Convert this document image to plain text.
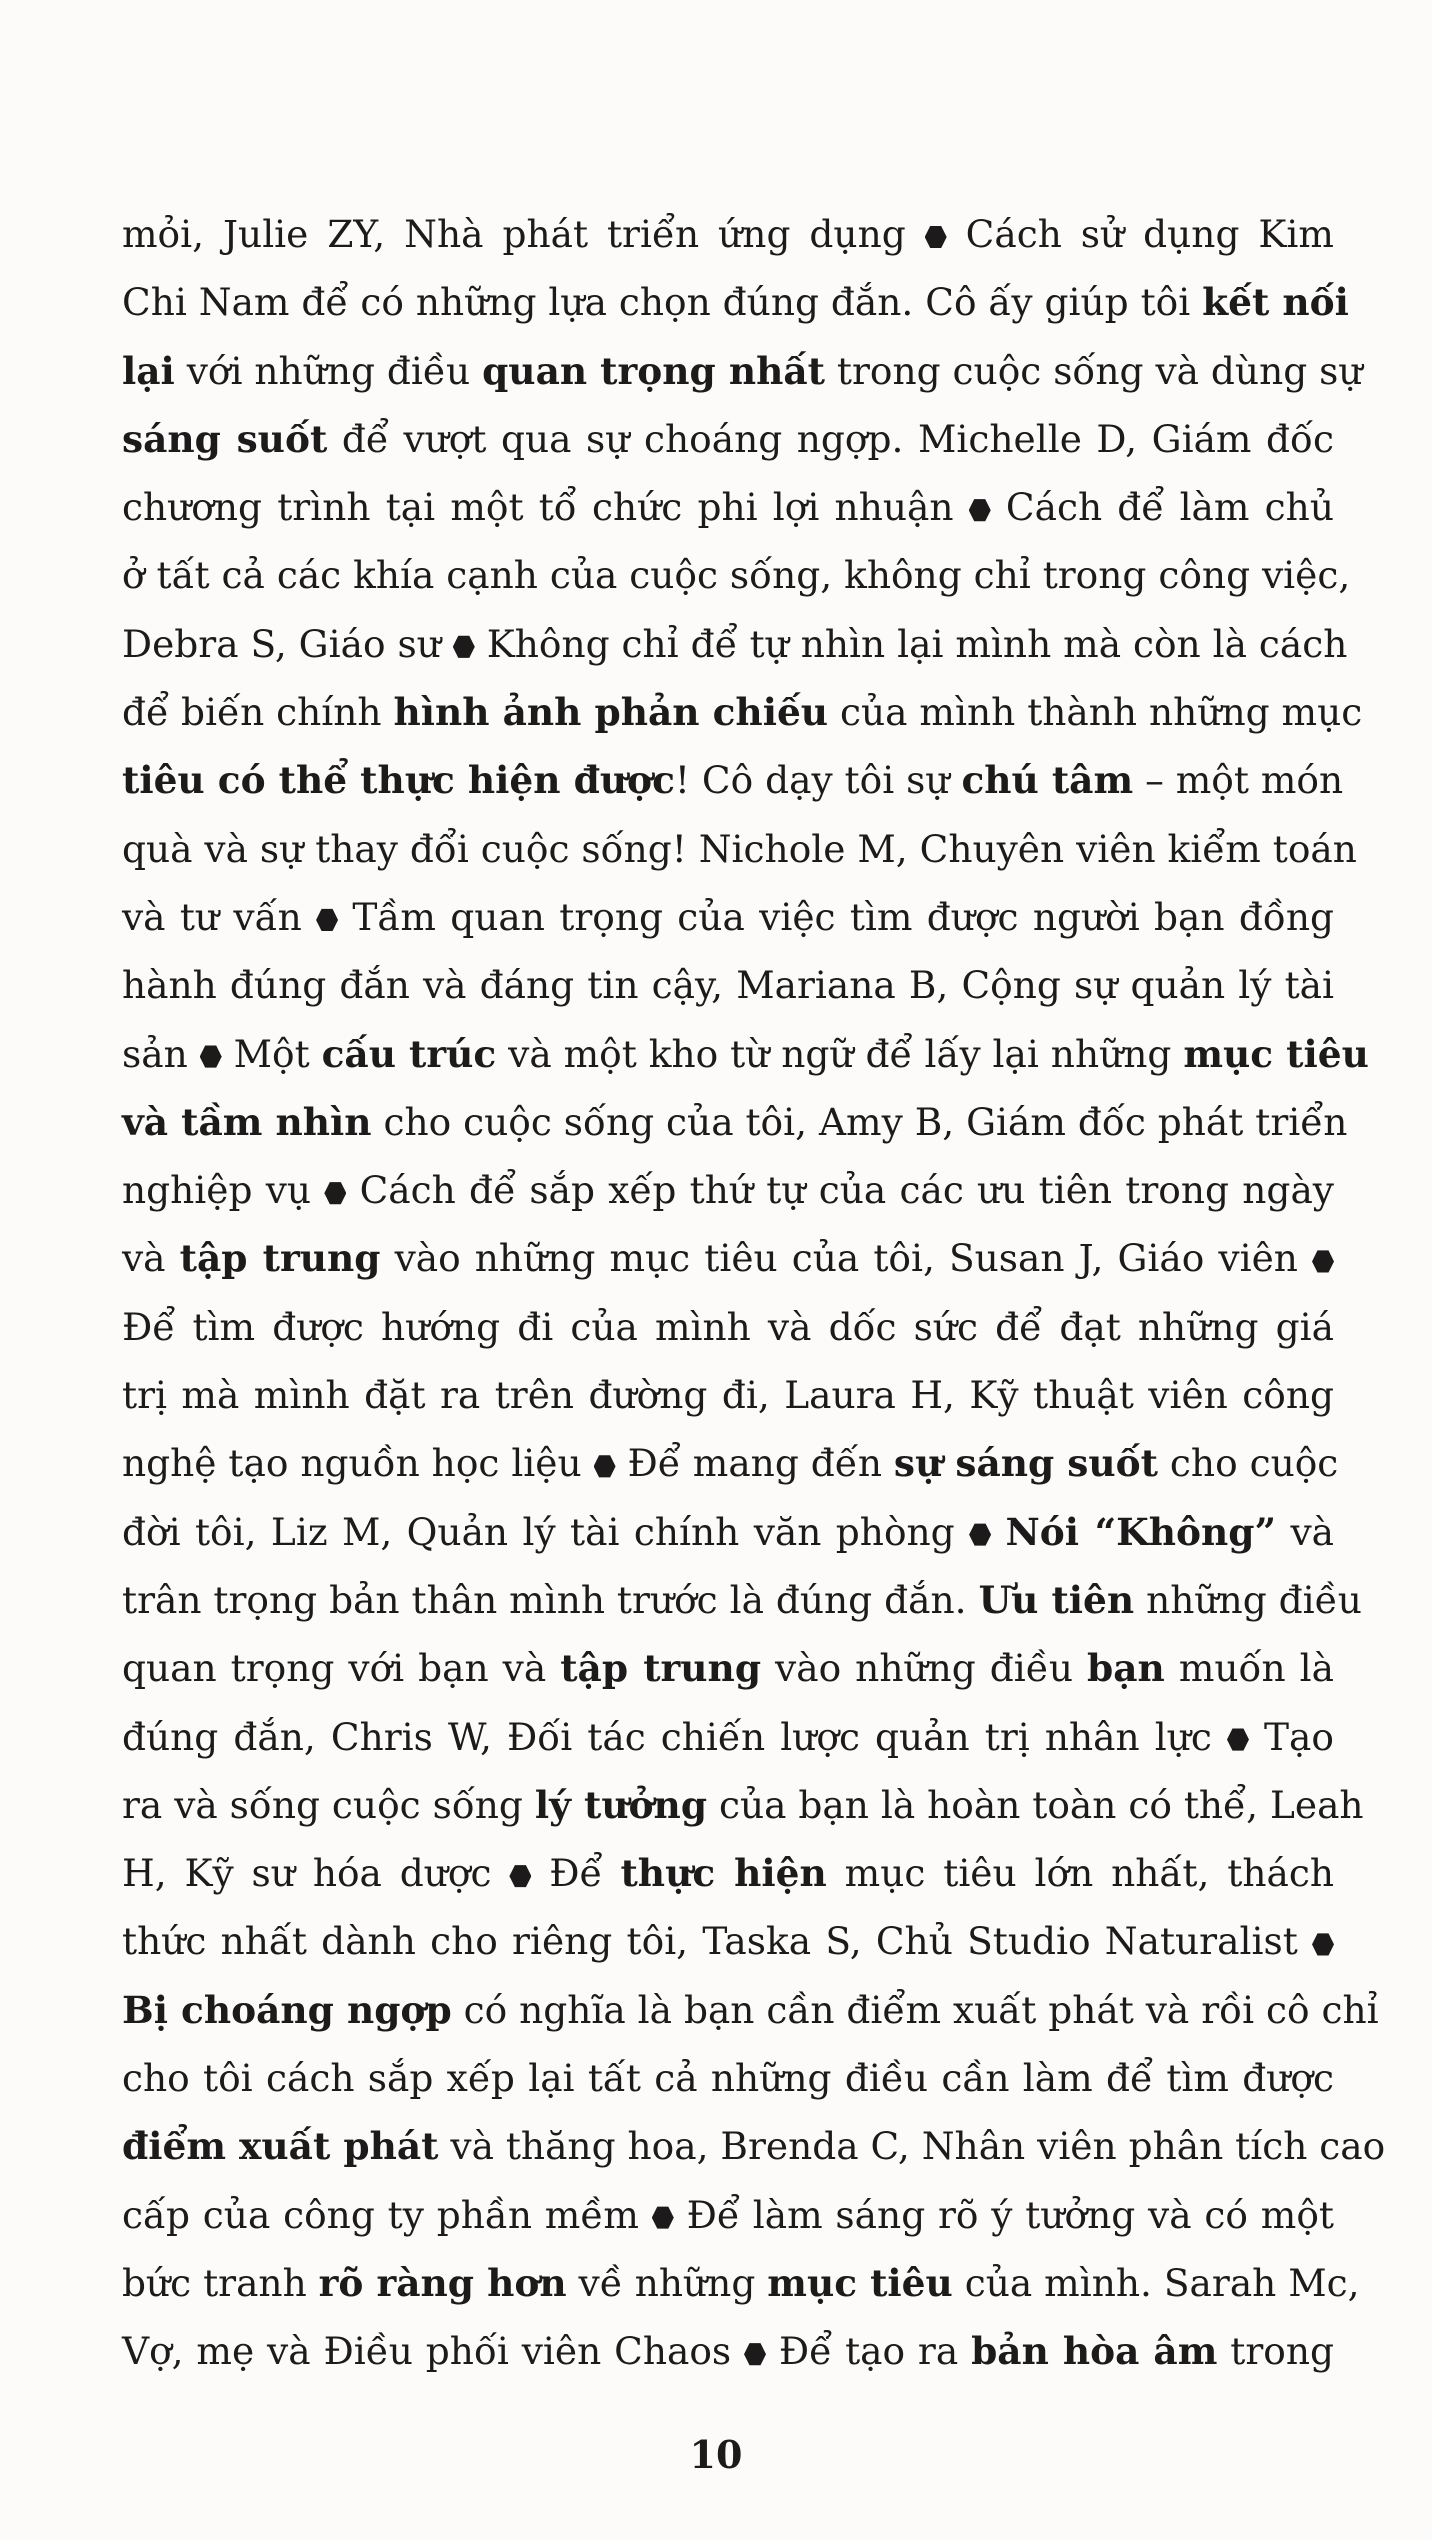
mỏi, Julie ZY, Nhà phát triển ứng dụng  Cách sử dụng Kim
Chi Nam để có những lựa chọn đúng đắn. Cô ấy giúp tôi kết nối
lại với những điều quan trọng nhất trong cuộc sống và dùng sự
sáng suốt để vượt qua sự choáng ngợp. Michelle D, Giám đốc
chương trình tại một tổ chức phi lợi nhuận  Cách để làm chủ
ở tất cả các khía cạnh của cuộc sống, không chỉ trong công việc,
Debra S, Giáo sư  Không chỉ để tự nhìn lại mình mà còn là cách
để biến chính hình ảnh phản chiếu của mình thành những mục
tiêu có thể thực hiện được! Cô dạy tôi sự chú tâm – một món
quà và sự thay đổi cuộc sống! Nichole M, Chuyên viên kiểm toán
và tư vấn  Tầm quan trọng của việc tìm được người bạn đồng
hành đúng đắn và đáng tin cậy, Mariana B, Cộng sự quản lý tài
sản  Một cấu trúc và một kho từ ngữ để lấy lại những mục tiêu
và tầm nhìn cho cuộc sống của tôi, Amy B, Giám đốc phát triển
nghiệp vụ  Cách để sắp xếp thứ tự của các ưu tiên trong ngày
và tập trung vào những mục tiêu của tôi, Susan J, Giáo viên
Để tìm được hướng đi của mình và dốc sức để đạt những giá
trị mà mình đặt ra trên đường đi, Laura H, Kỹ thuật viên công
nghệ tạo nguồn học liệu  Để mang đến sự sáng suốt cho cuộc
đời tôi, Liz M, Quản lý tài chính văn phòng  Nói “Không” và
trân trọng bản thân mình trước là đúng đắn. Ưu tiên những điều
quan trọng với bạn và tập trung vào những điều bạn muốn là
đúng đắn, Chris W, Đối tác chiến lược quản trị nhân lực  Tạo
ra và sống cuộc sống lý tưởng của bạn là hoàn toàn có thể, Leah
H, Kỹ sư hóa dược  Để thực hiện mục tiêu lớn nhất, thách
thức nhất dành cho riêng tôi, Taska S, Chủ Studio Naturalist
Bị choáng ngợp có nghĩa là bạn cần điểm xuất phát và rồi cô chỉ
cho tôi cách sắp xếp lại tất cả những điều cần làm để tìm được
điểm xuất phát và thăng hoa, Brenda C, Nhân viên phân tích cao
cấp của công ty phần mềm  Để làm sáng rõ ý tưởng và có một
bức tranh rõ ràng hơn về những mục tiêu của mình. Sarah Mc,
Vợ, mẹ và Điều phối viên Chaos  Để tạo ra bản hòa âm trong
10
